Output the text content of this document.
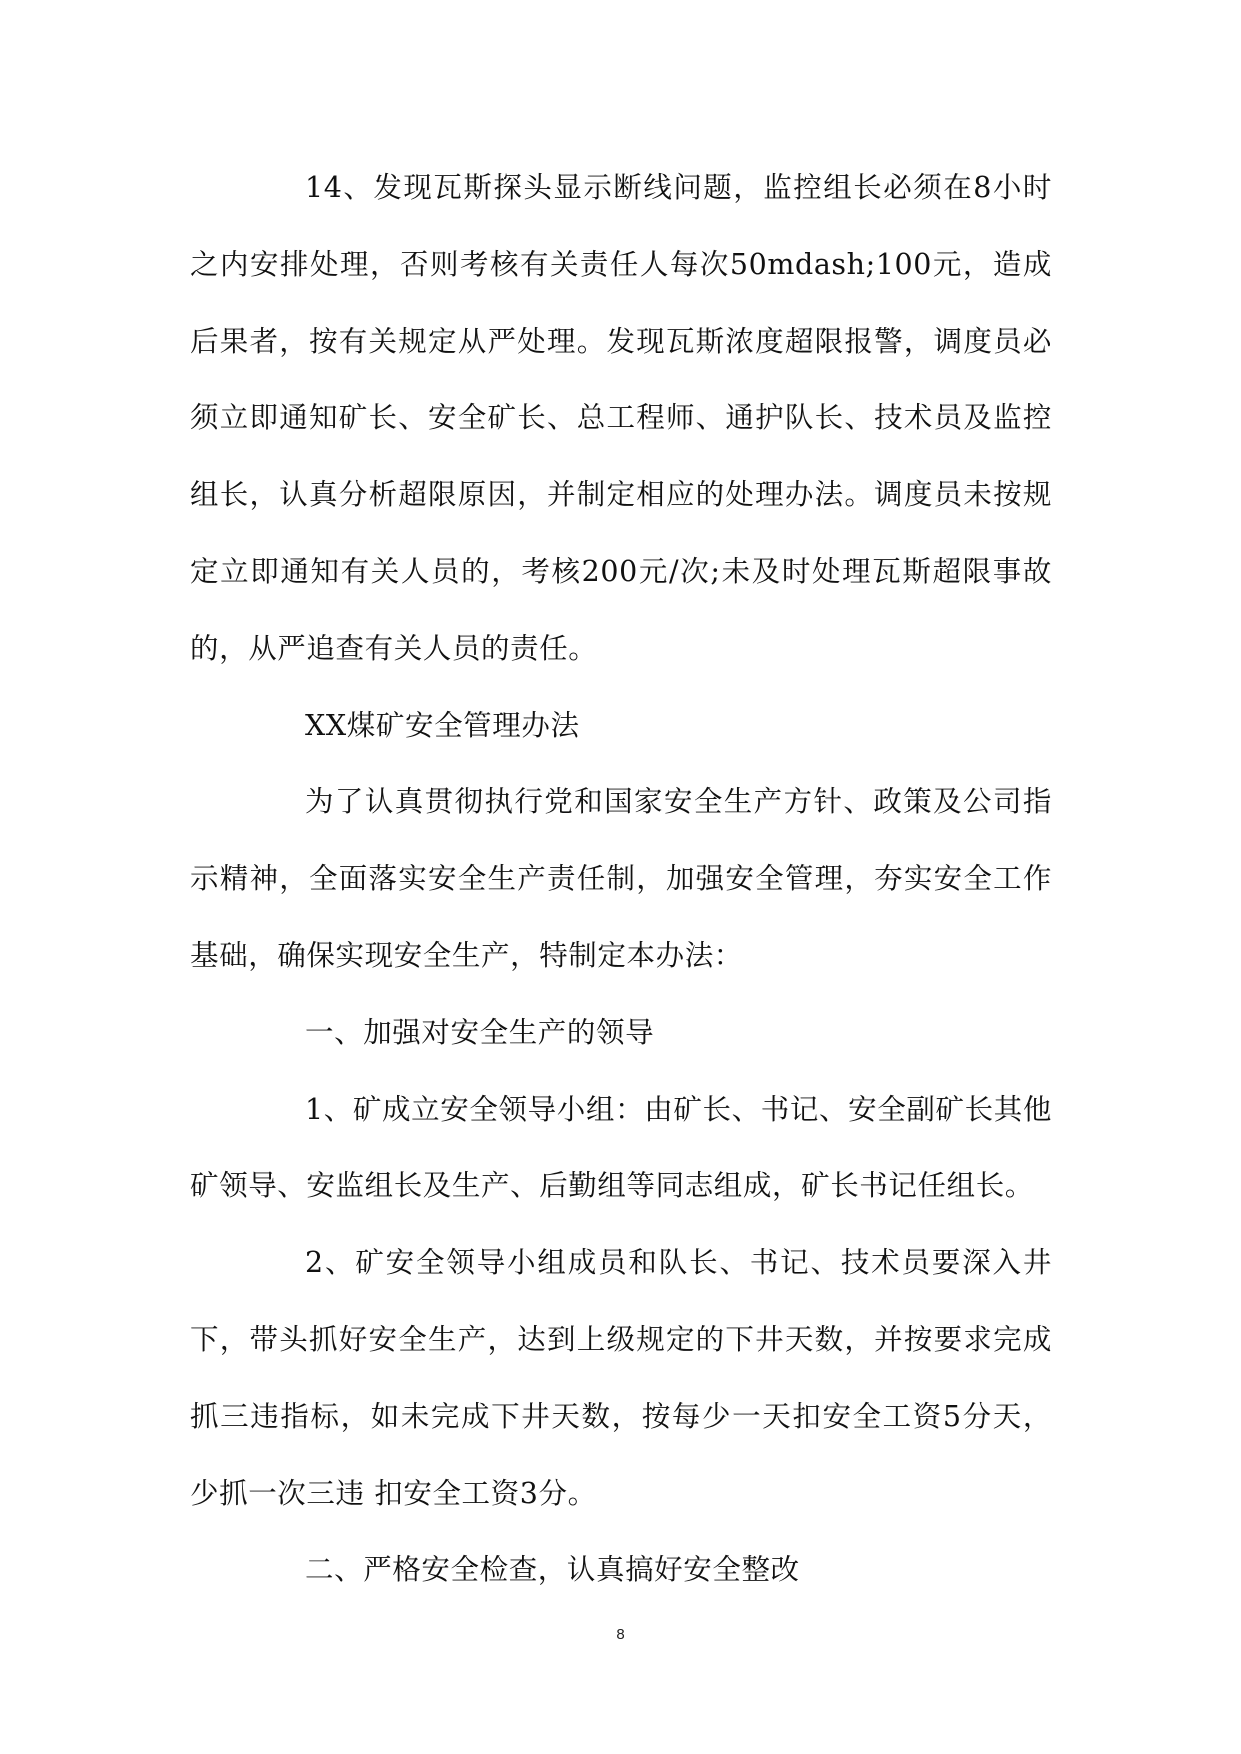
14、发现瓦斯探头显示断线问题，监控组长必须在8小时之内安排处理，否则考核有关责任人每次50mdash;100元，造成后果者，按有关规定从严处理。发现瓦斯浓度超限报警，调度员必须立即通知矿长、安全矿长、总工程师、通护队长、技术员及监控组长，认真分析超限原因，并制定相应的处理办法。调度员未按规定立即通知有关人员的，考核200元/次;未及时处理瓦斯超限事故的，从严追查有关人员的责任。

XX煤矿安全管理办法

为了认真贯彻执行党和国家安全生产方针、政策及公司指示精神，全面落实安全生产责任制，加强安全管理，夯实安全工作基础，确保实现安全生产，特制定本办法：

一、加强对安全生产的领导

1、矿成立安全领导小组：由矿长、书记、安全副矿长其他矿领导、安监组长及生产、后勤组等同志组成，矿长书记任组长。

2、矿安全领导小组成员和队长、书记、技术员要深入井下，带头抓好安全生产，达到上级规定的下井天数，并按要求完成抓三违指标，如未完成下井天数，按每少一天扣安全工资5分天，少抓一次三违 扣安全工资3分。

二、严格安全检查，认真搞好安全整改

8
